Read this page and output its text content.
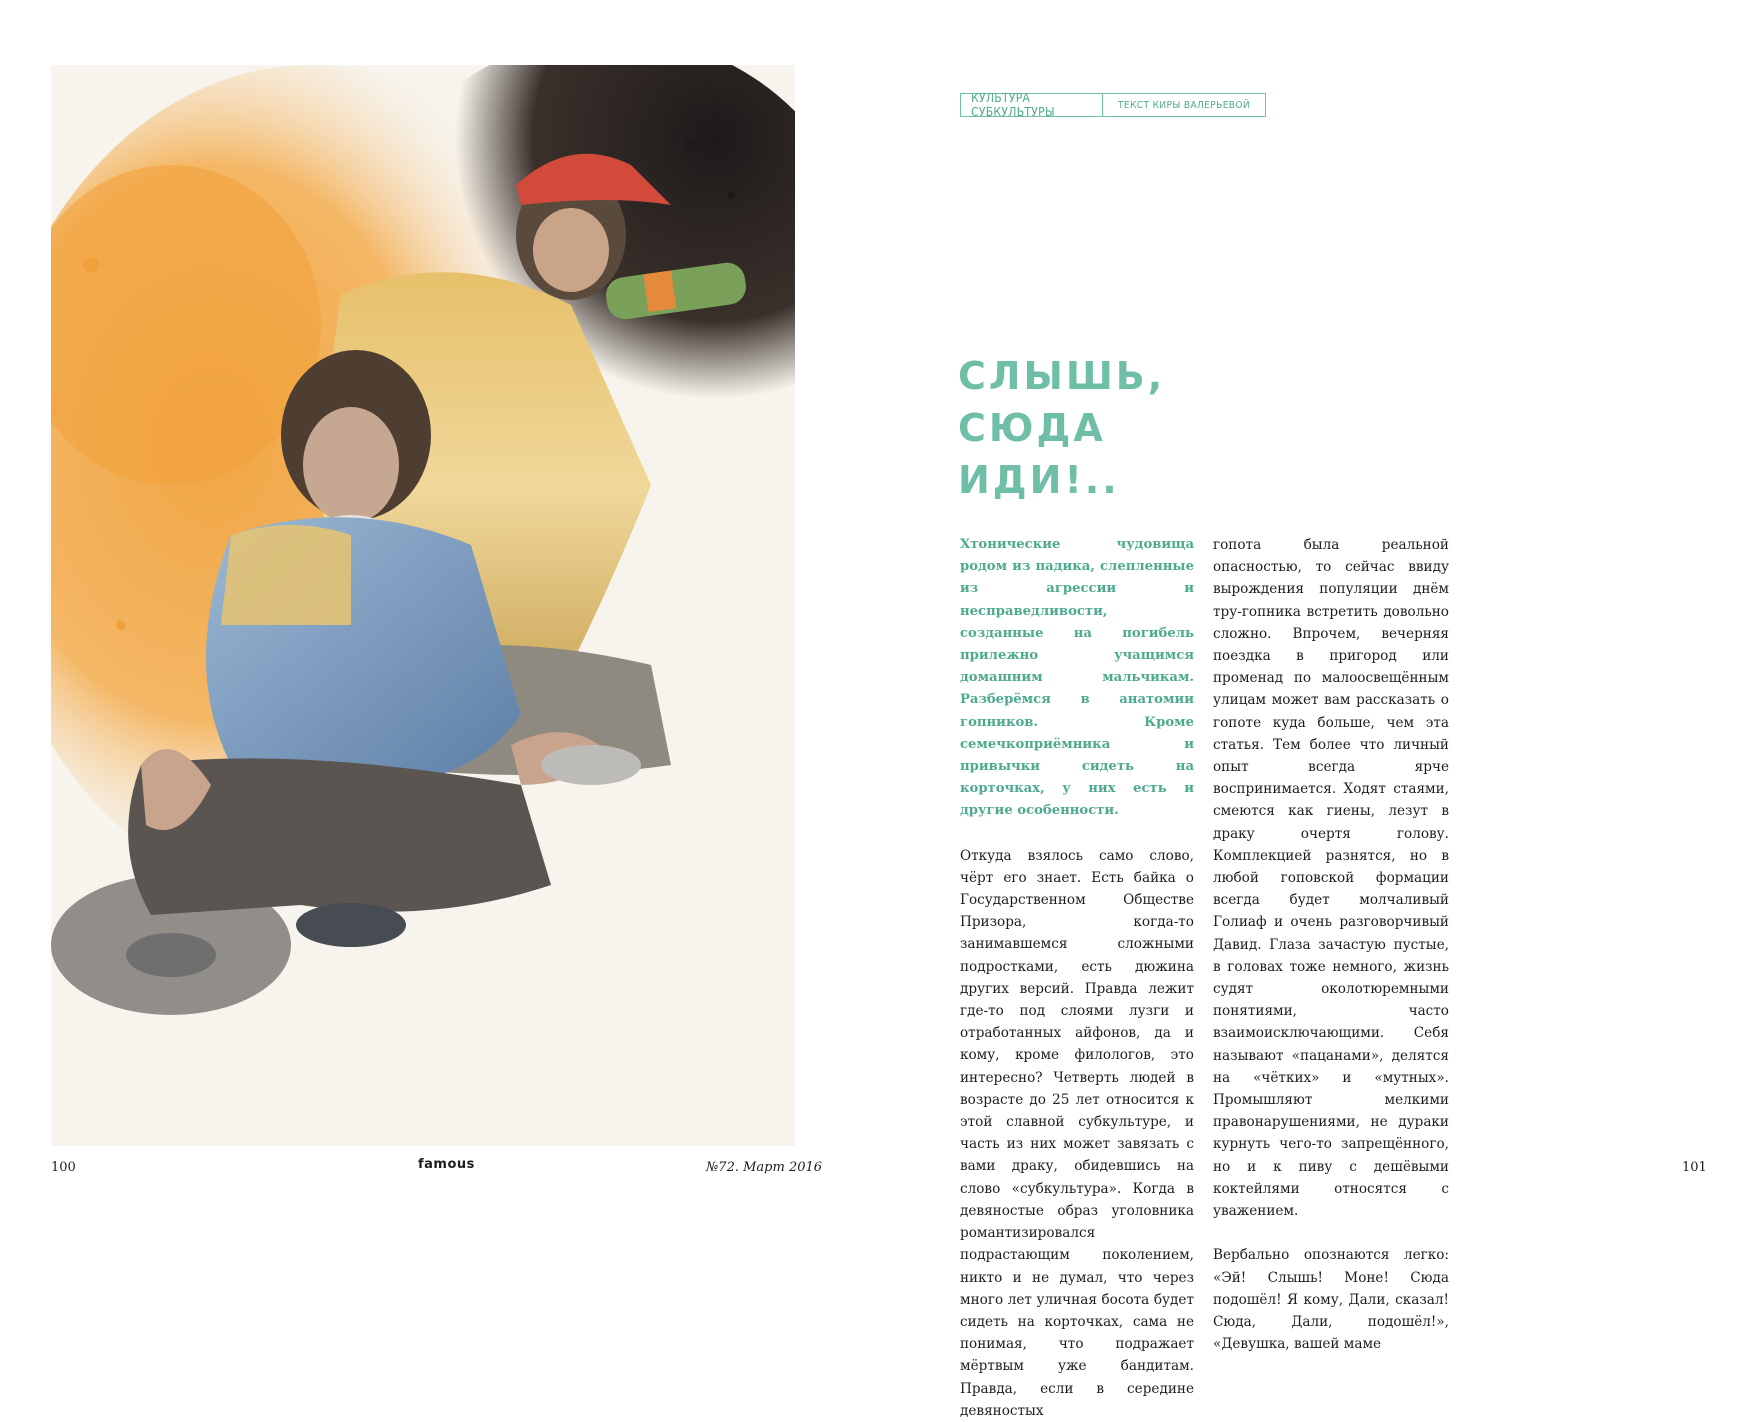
100	famous	№72. Март 2016
КУЛЬТУРА СУБКУЛЬТУРЫ	ТЕКСТ КИРЫ ВАЛЕРЬЕВОЙ
СЛЫШЬ,
СЮДА
ИДИ!..

Хтонические чудовища родом из падика, слепленные из агрессии и несправедливости, созданные на погибель прилежно учащимся домашним мальчикам. Разберёмся в анатомии гопников. Кроме семечкоприёмника и привычки сидеть на корточках, у них есть и другие особенности.

Откуда взялось само слово, чёрт его знает. Есть байка о Государственном Обществе Призора, когда-то занимавшемся сложными подростками, есть дюжина других версий. Правда лежит где-то под слоями лузги и отработанных айфонов, да и кому, кроме филологов, это интересно? Четверть людей в возрасте до 25 лет относится к этой славной субкультуре, и часть из них может завязать с вами драку, обидевшись на слово «субкультура». Когда в девяностые образ уголовника романтизировался подрастающим поколением, никто и не думал, что через много лет уличная босота будет сидеть на корточках, сама не понимая, что подражает мёртвым уже бандитам. Правда, если в середине девяностых

гопота была реальной опасностью, то сейчас ввиду вырождения популяции днём тру-гопника встретить довольно сложно. Впрочем, вечерняя поездка в пригород или променад по малоосвещённым улицам может вам рассказать о гопоте куда больше, чем эта статья. Тем более что личный опыт всегда ярче воспринимается. Ходят стаями, смеются как гиены, лезут в драку очертя голову. Комплекцией разнятся, но в любой гоповской формации всегда будет молчаливый Голиаф и очень разговорчивый Давид. Глаза зачастую пустые, в головах тоже немного, жизнь судят околотюремными понятиями, часто взаимоисключающими. Себя называют «пацанами», делятся на «чётких» и «мутных». Промышляют мелкими правонарушениями, не дураки курнуть чего-то запрещённого, но и к пиву с дешёвыми коктейлями относятся с уважением.

Вербально опознаются легко: «Эй! Слышь! Моне! Сюда подошёл! Я кому, Дали, сказал! Сюда, Дали, подошёл!», «Девушка, вашей маме

101
